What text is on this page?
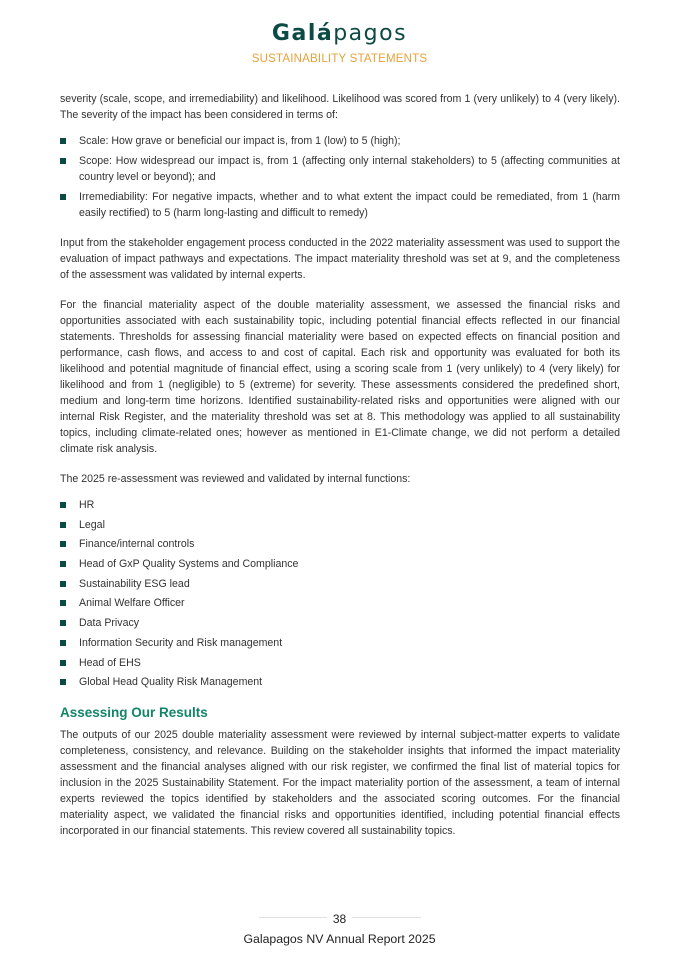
Galápagos
SUSTAINABILITY STATEMENTS

severity (scale, scope, and irremediability) and likelihood. Likelihood was scored from 1 (very unlikely) to 4 (very likely). The severity of the impact has been considered in terms of:

Scale: How grave or beneficial our impact is, from 1 (low) to 5 (high);
Scope: How widespread our impact is, from 1 (affecting only internal stakeholders) to 5 (affecting communities at country level or beyond); and
Irremediability: For negative impacts, whether and to what extent the impact could be remediated, from 1 (harm easily rectified) to 5 (harm long‑lasting and difficult to remedy)

Input from the stakeholder engagement process conducted in the 2022 materiality assessment was used to support the evaluation of impact pathways and expectations. The impact materiality threshold was set at 9, and the completeness of the assessment was validated by internal experts.

For the financial materiality aspect of the double materiality assessment, we assessed the financial risks and opportunities associated with each sustainability topic, including potential financial effects reflected in our financial statements. Thresholds for assessing financial materiality were based on expected effects on financial position and performance, cash flows, and access to and cost of capital. Each risk and opportunity was evaluated for both its likelihood and potential magnitude of financial effect, using a scoring scale from 1 (very unlikely) to 4 (very likely) for likelihood and from 1 (negligible) to 5 (extreme) for severity. These assessments considered the predefined short, medium and long-term time horizons. Identified sustainability-related risks and opportunities were aligned with our internal Risk Register, and the materiality threshold was set at 8. This methodology was applied to all sustainability topics, including climate‑related ones; however as mentioned in E1-Climate change, we did not perform a detailed climate risk analysis.

The 2025 re-assessment was reviewed and validated by internal functions:

HR
Legal
Finance/internal controls
Head of GxP Quality Systems and Compliance
Sustainability ESG lead
Animal Welfare Officer
Data Privacy
Information Security and Risk management
Head of EHS
Global Head Quality Risk Management
Assessing Our Results

The outputs of our 2025 double materiality assessment were reviewed by internal subject‑matter experts to validate completeness, consistency, and relevance. Building on the stakeholder insights that informed the impact materiality assessment and the financial analyses aligned with our risk register, we confirmed the final list of material topics for inclusion in the 2025 Sustainability Statement. For the impact materiality portion of the assessment, a team of internal experts reviewed the topics identified by stakeholders and the associated scoring outcomes. For the financial materiality aspect, we validated the financial risks and opportunities identified, including potential financial effects incorporated in our financial statements. This review covered all sustainability topics.

38
Galapagos NV Annual Report 2025
